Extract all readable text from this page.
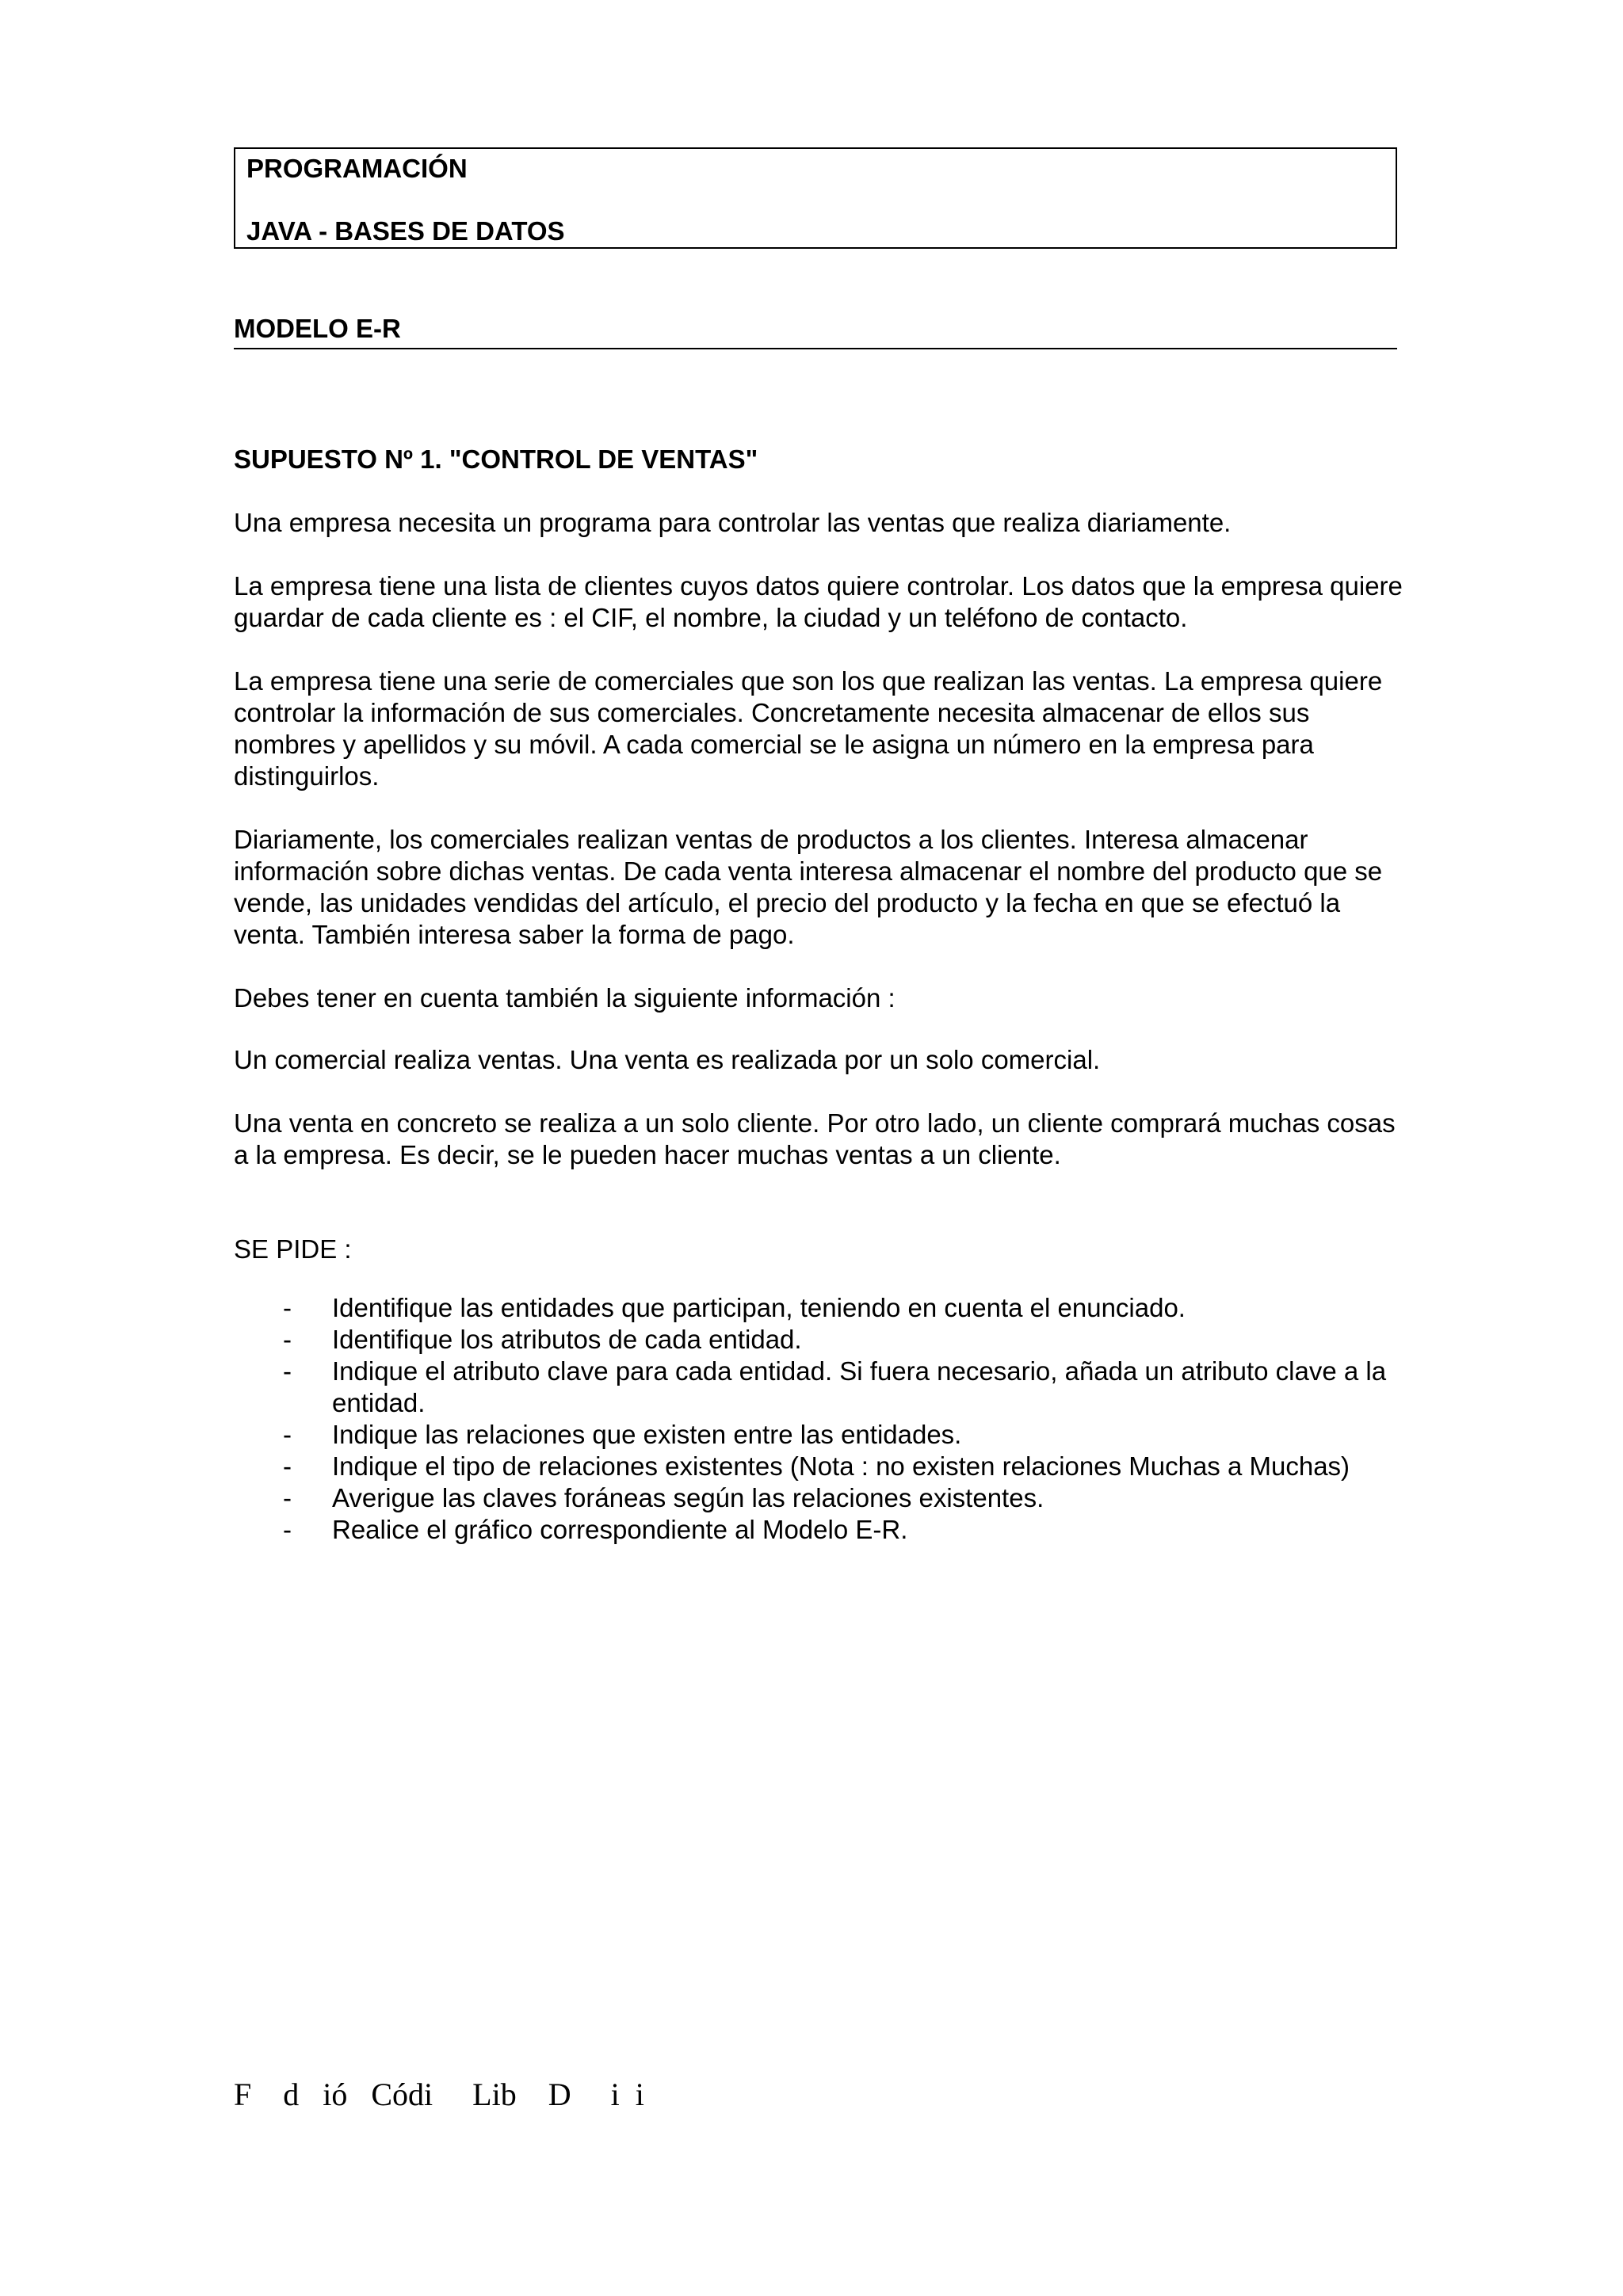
PROGRAMACIÓN
JAVA - BASES DE DATOS
MODELO E-R
SUPUESTO Nº 1. "CONTROL DE VENTAS"

Una empresa necesita un programa para controlar las ventas que realiza diariamente.

La empresa tiene una lista de clientes cuyos datos quiere controlar. Los datos que la empresa quiere guardar de cada cliente es : el CIF, el nombre, la ciudad y un teléfono de contacto.

La empresa tiene una serie de comerciales que son los que realizan las ventas. La empresa quiere controlar la información de sus comerciales. Concretamente necesita almacenar de ellos sus nombres y apellidos y su móvil. A cada comercial se le asigna un número en la empresa para distinguirlos.

Diariamente, los comerciales realizan ventas de productos a los clientes. Interesa almacenar información sobre dichas ventas. De cada venta interesa almacenar el nombre del producto que se vende, las unidades vendidas del artículo, el precio del producto y la fecha en que se efectuó la venta. También interesa saber la forma de pago.

Debes tener en cuenta también la siguiente información :

Un comercial realiza ventas. Una venta es realizada por un solo comercial.

Una venta en concreto se realiza a un solo cliente. Por otro lado, un cliente comprará muchas cosas a la empresa. Es decir, se le pueden hacer muchas ventas a un cliente.

SE PIDE :

- Identifique las entidades que participan, teniendo en cuenta el enunciado.
- Identifique los atributos de cada entidad.
- Indique el atributo clave para cada entidad. Si fuera necesario, añada un atributo clave a la entidad.
- Indique las relaciones que existen entre las entidades.
- Indique el tipo de relaciones existentes (Nota : no existen relaciones Muchas a Muchas)
- Averigue las claves foráneas según las relaciones existentes.
- Realice el gráfico correspondiente al Modelo E-R.
F    d   ió   Códi     Lib    D     i  i
